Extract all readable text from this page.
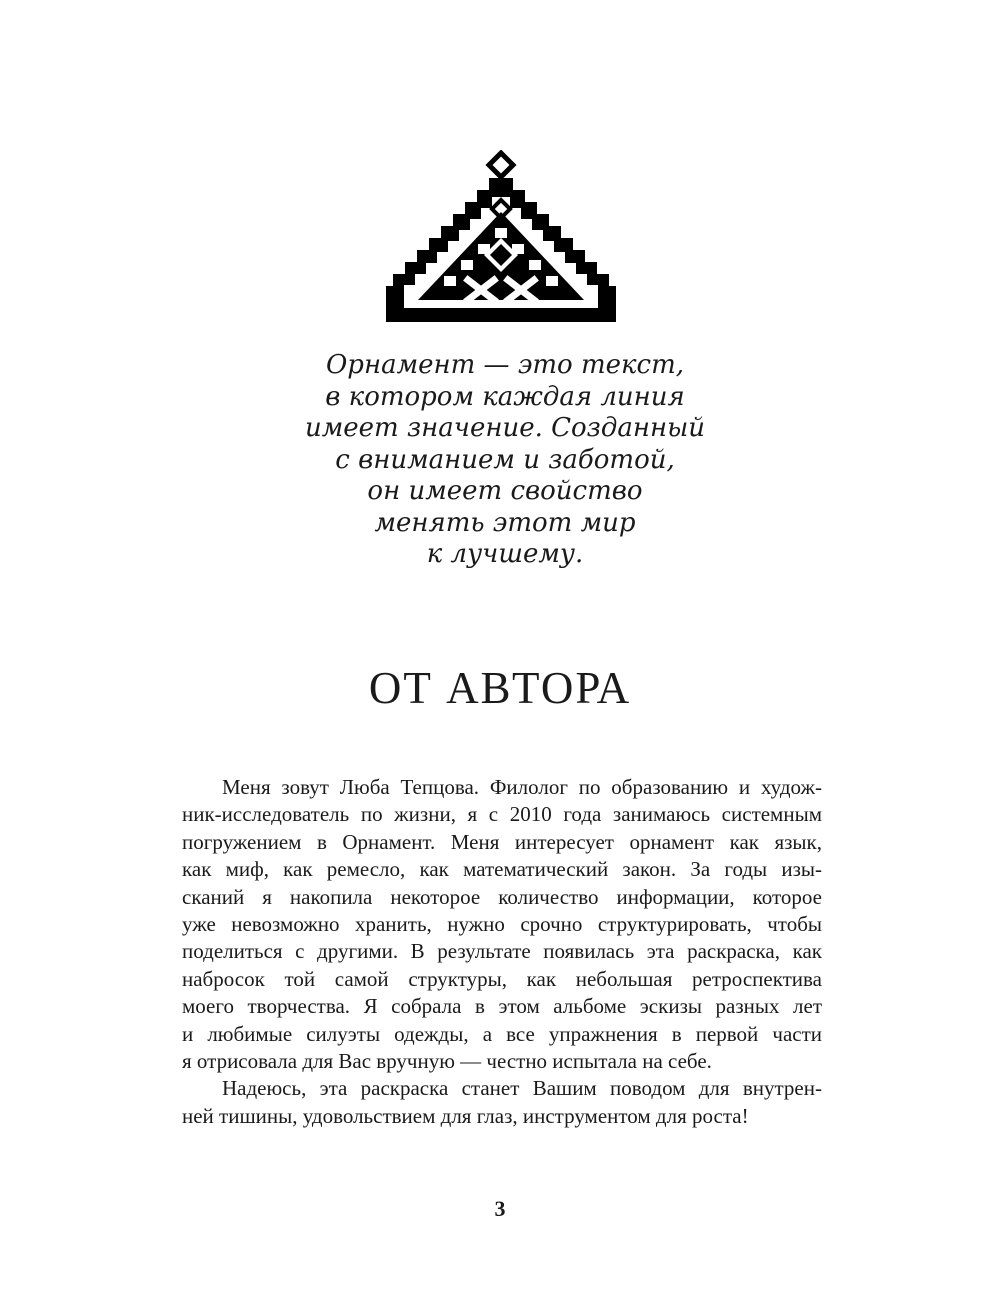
Орнамент — это текст,
в котором каждая линия
имеет значение. Созданный
с вниманием и заботой,
он имеет свойство
менять этот мир
к лучшему.
ОТ АВТОРА
Меня зовут Люба Тепцова. Филолог по образованию и худож-
ник-исследователь по жизни, я с 2010 года занимаюсь системным
погружением в Орнамент. Меня интересует орнамент как язык,
как миф, как ремесло, как математический закон. За годы изы-
сканий я накопила некоторое количество информации, которое
уже невозможно хранить, нужно срочно структурировать, чтобы
поделиться с другими. В результате появилась эта раскраска, как
набросок той самой структуры, как небольшая ретроспектива
моего творчества. Я собрала в этом альбоме эскизы разных лет
и любимые силуэты одежды, а все упражнения в первой части
я отрисовала для Вас вручную — честно испытала на себе.
Надеюсь, эта раскраска станет Вашим поводом для внутрен-
ней тишины, удовольствием для глаз, инструментом для роста!
3
